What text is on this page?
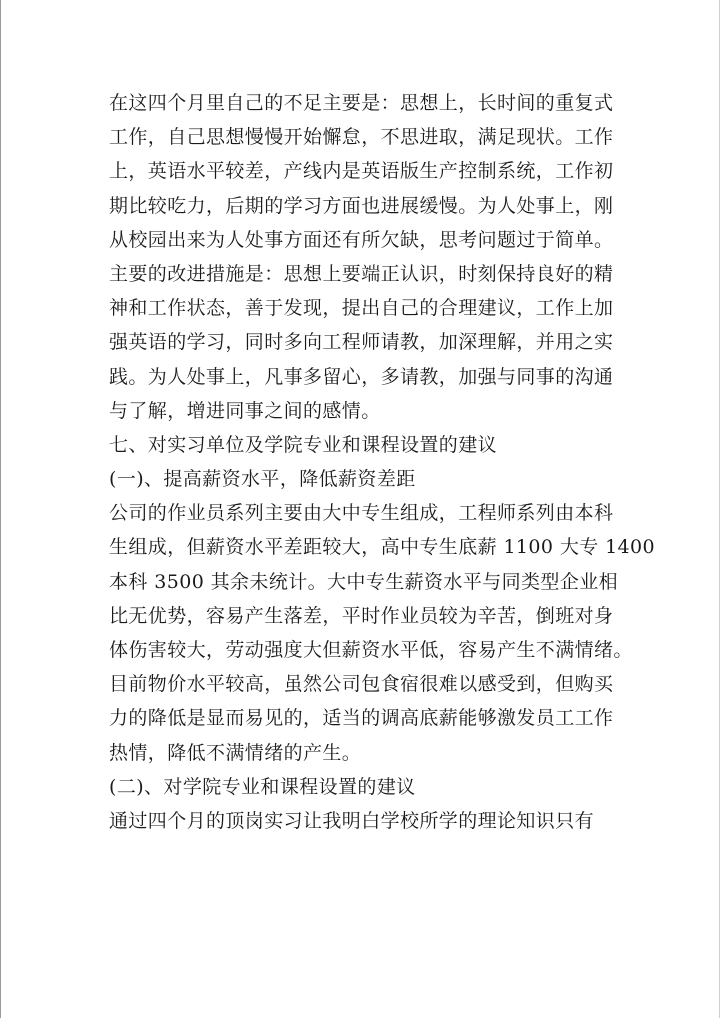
在这四个月里自己的不足主要是：思想上，长时间的重复式
工作，自己思想慢慢开始懈怠，不思进取，满足现状。工作
上，英语水平较差，产线内是英语版生产控制系统，工作初
期比较吃力，后期的学习方面也进展缓慢。为人处事上，刚
从校园出来为人处事方面还有所欠缺，思考问题过于简单。
主要的改进措施是：思想上要端正认识，时刻保持良好的精
神和工作状态，善于发现，提出自己的合理建议，工作上加
强英语的学习，同时多向工程师请教，加深理解，并用之实
践。为人处事上，凡事多留心，多请教，加强与同事的沟通
与了解，增进同事之间的感情。
七、对实习单位及学院专业和课程设置的建议
(一)、提高薪资水平，降低薪资差距
公司的作业员系列主要由大中专生组成，工程师系列由本科
生组成，但薪资水平差距较大，高中专生底薪 1100 大专 1400
本科 3500 其余未统计。大中专生薪资水平与同类型企业相
比无优势，容易产生落差，平时作业员较为辛苦，倒班对身
体伤害较大，劳动强度大但薪资水平低，容易产生不满情绪。
目前物价水平较高，虽然公司包食宿很难以感受到，但购买
力的降低是显而易见的，适当的调高底薪能够激发员工工作
热情，降低不满情绪的产生。
(二)、对学院专业和课程设置的建议
通过四个月的顶岗实习让我明白学校所学的理论知识只有
